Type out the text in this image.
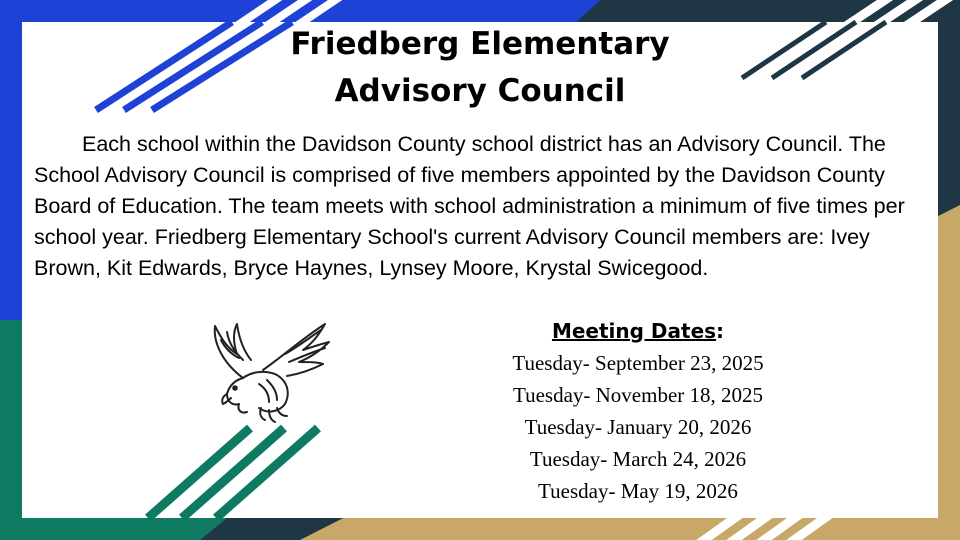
Friedberg Elementary
Advisory Council

Each school within the Davidson County school district has an Advisory Council. The School Advisory Council is comprised of five members appointed by the Davidson County Board of Education. The team meets with school administration a minimum of five times per school year. Friedberg Elementary School's current Advisory Council members are: Ivey Brown, Kit Edwards, Bryce Haynes, Lynsey Moore, Krystal Swicegood.

Meeting Dates:
Tuesday- September 23, 2025
Tuesday- November 18, 2025
Tuesday- January 20, 2026
Tuesday- March 24, 2026
Tuesday- May 19, 2026
